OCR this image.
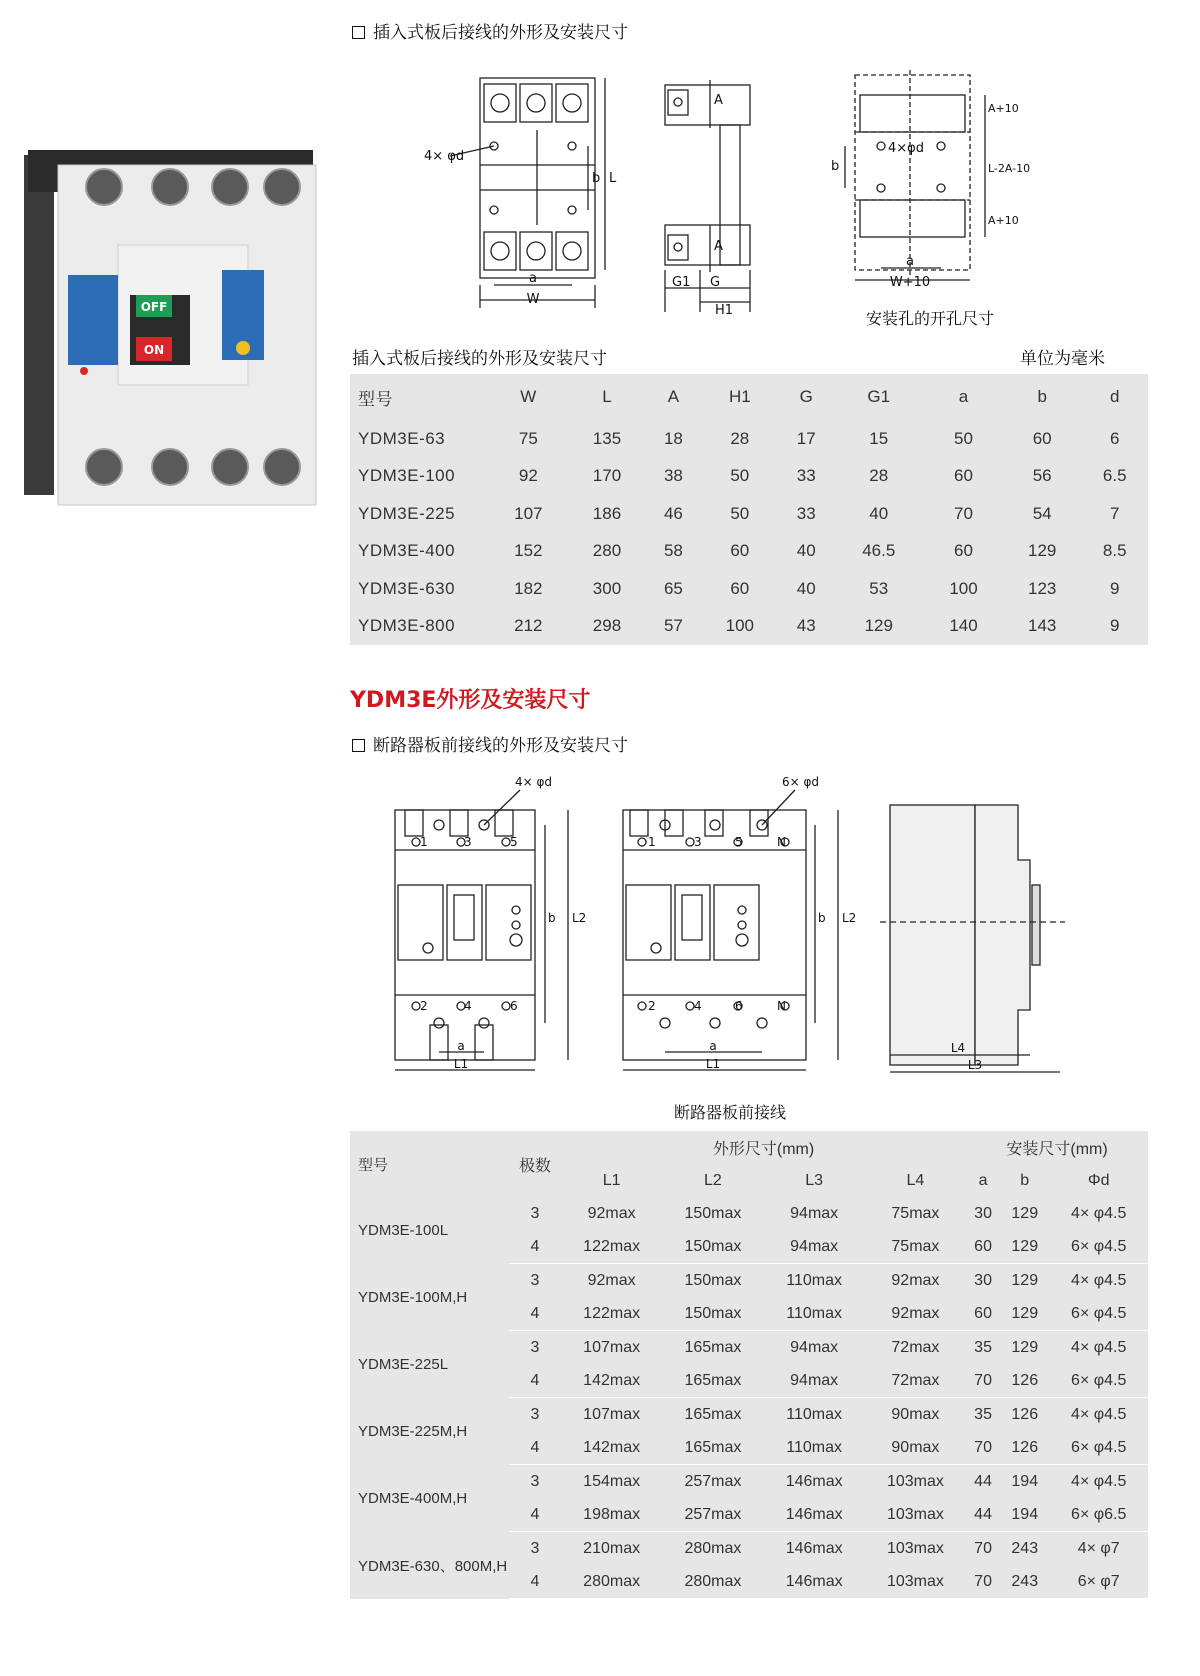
OFF
ON
插入式板后接线的外形及安装尺寸
4× φd
a
W
b L
A
A
G1 G
H1
4×φd
A+10
L-2A-10
A+10
b
a
W+10
安装孔的开孔尺寸
插入式板后接线的外形及安装尺寸	单位为毫米
型号	W	L	A	H1	G	G1	a	b	d
YDM3E-63	75	135	18	28	17	15	50	60	6
YDM3E-100	92	170	38	50	33	28	60	56	6.5
YDM3E-225	107	186	46	50	33	40	70	54	7
YDM3E-400	152	280	58	60	40	46.5	60	129	8.5
YDM3E-630	182	300	65	60	40	53	100	123	9
YDM3E-800	212	298	57	100	43	129	140	143	9
YDM3E外形及安装尺寸
断路器板前接线的外形及安装尺寸
4× φd	6× φd
1	3	5
2	4	6
1	3	5	N
2	4	6	N
a
L1
b L2
a
L1
b L2
L4
L3
断路器板前接线
型号	极数	外形尺寸(mm)				安装尺寸(mm)		
		L1	L2	L3	L4	a	b	Φd
YDM3E-100L	3	92max	150max	94max	75max	30	129	4× φ4.5
	4	122max	150max	94max	75max	60	129	6× φ4.5
YDM3E-100M,H	3	92max	150max	110max	92max	30	129	4× φ4.5
	4	122max	150max	110max	92max	60	129	6× φ4.5
YDM3E-225L	3	107max	165max	94max	72max	35	129	4× φ4.5
	4	142max	165max	94max	72max	70	126	6× φ4.5
YDM3E-225M,H	3	107max	165max	110max	90max	35	126	4× φ4.5
	4	142max	165max	110max	90max	70	126	6× φ4.5
YDM3E-400M,H	3	154max	257max	146max	103max	44	194	4× φ4.5
	4	198max	257max	146max	103max	44	194	6× φ6.5
YDM3E-630、800M,H	3	210max	280max	146max	103max	70	243	4× φ7
	4	280max	280max	146max	103max	70	243	6× φ7
